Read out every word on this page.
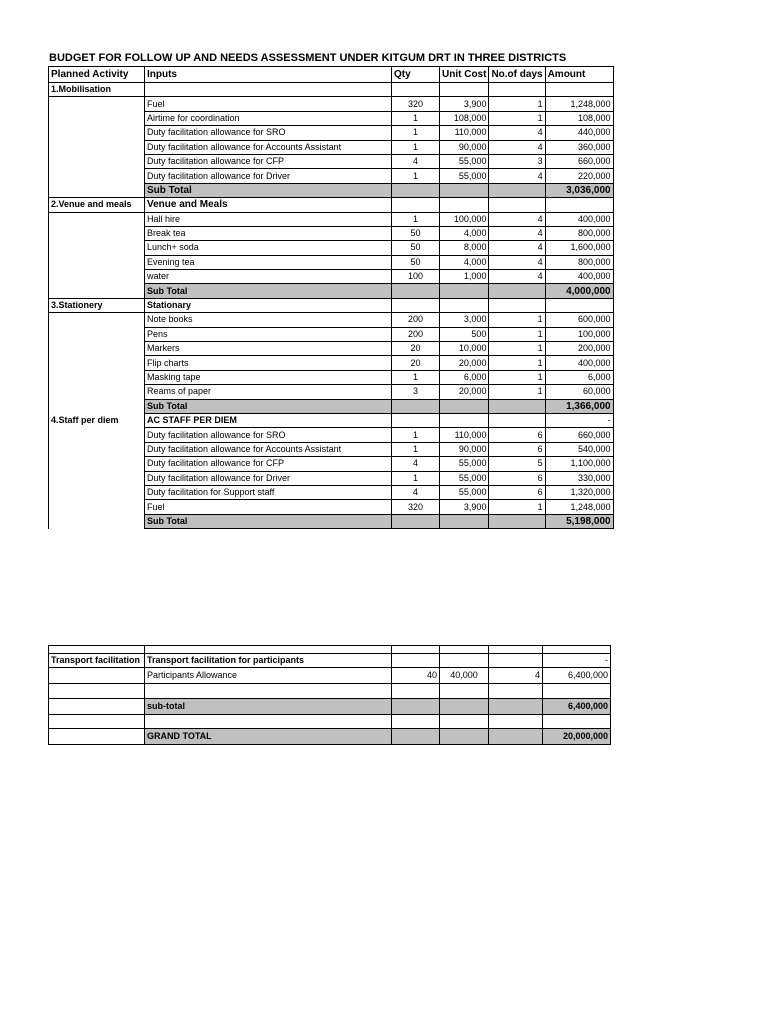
BUDGET FOR FOLLOW UP AND NEEDS ASSESSMENT UNDER KITGUM DRT IN THREE DISTRICTS
Planned Activity	Inputs	Qty	Unit Cost	No.of days	Amount
1.Mobilisation					
	Fuel	320	3,900	1	1,248,000
	Airtime for coordination	1	108,000	1	108,000
	Duty facilitation allowance for SRO	1	110,000	4	440,000
	Duty facilitation allowance for Accounts Assistant	1	90,000	4	360,000
	Duty facilitation allowance for CFP	4	55,000	3	660,000
	Duty facilitation allowance for Driver	1	55,000	4	220,000
	Sub Total				3,036,000
2.Venue and meals	Venue and Meals				
	Hall hire	1	100,000	4	400,000
	Break tea	50	4,000	4	800,000
	Lunch+ soda	50	8,000	4	1,600,000
	Evening tea	50	4,000	4	800,000
	water	100	1,000	4	400,000
	Sub Total				4,000,000
3.Stationery	Stationary				
	Note books	200	3,000	1	600,000
	Pens	200	500	1	100,000
	Markers	20	10,000	1	200,000
	Flip charts	20	20,000	1	400,000
	Masking tape	1	6,000	1	6,000
	Reams of paper	3	20,000	1	60,000
	Sub Total				1,366,000
4.Staff per diem	AC STAFF PER DIEM				-
	Duty facilitation allowance for SRO	1	110,000	6	660,000
	Duty facilitation allowance for Accounts Assistant	1	90,000	6	540,000
	Duty facilitation allowance for CFP	4	55,000	5	1,100,000
	Duty facilitation allowance for Driver	1	55,000	6	330,000
	Duty facilitation for Support staff	4	55,000	6	1,320,000
	Fuel	320	3,900	1	1,248,000
	Sub Total				5,198,000

Transport facilitation	Transport facilitation for participants				-
	Participants Allowance	40	40,000	4	6,400,000

	sub-total				6,400,000

	GRAND TOTAL				20,000,000
